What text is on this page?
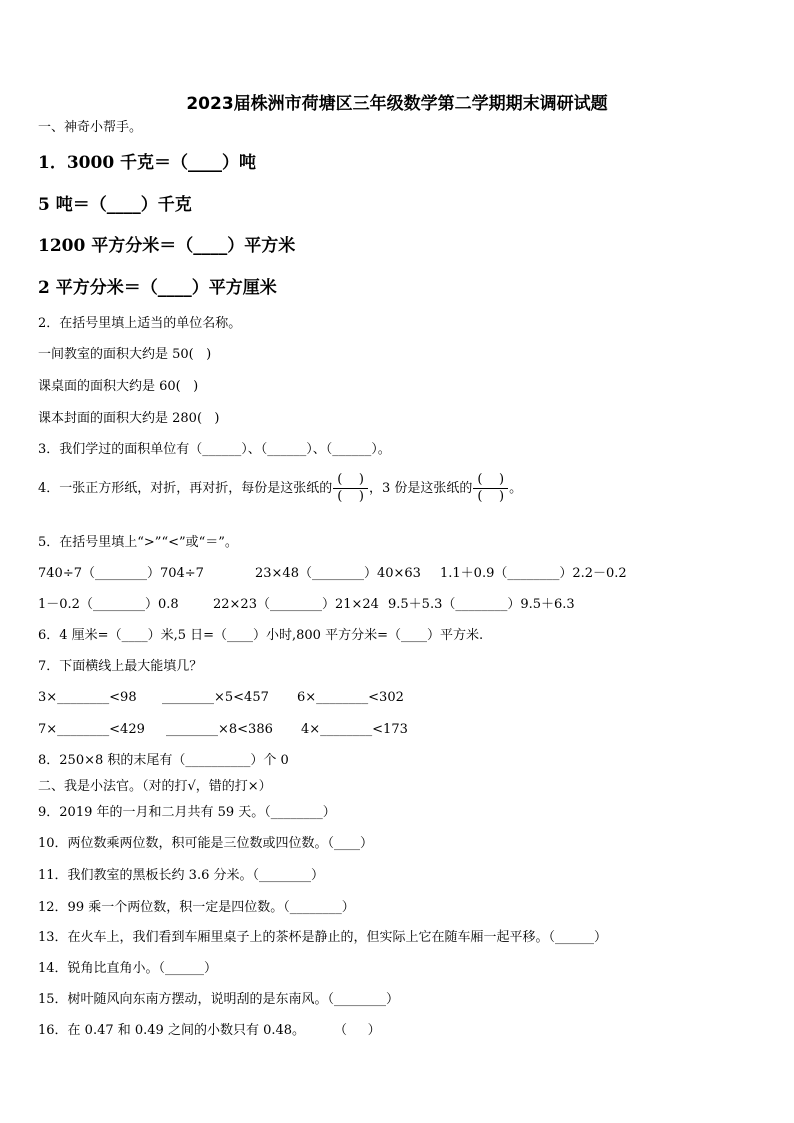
2023届株洲市荷塘区三年级数学第二学期期末调研试题
一、神奇小帮手。
1．3000 千克＝（____）吨
5 吨＝（____）千克
1200 平方分米＝（____）平方米
2 平方分米＝（____）平方厘米
2．在括号里填上适当的单位名称。
一间教室的面积大约是 50(   )
课桌面的面积大约是 60(   )
课本封面的面积大约是 280(   )
3．我们学过的面积单位有（______）、（______）、（______）。
4．一张正方形纸，对折，再对折，每份是这张纸的 $\frac{( )}{( )}$ ，3 份是这张纸的 $\frac{( )}{( )}$ 。
5．在括号里填上“>”“<”或“＝”。
740÷7（________）704÷7	23×48（________）40×63 1.1＋0.9（________）2.2－0.2
1－0.2（________）0.8	22×23（________）21×24 9.5＋5.3（________）9.5＋6.3
6．4 厘米=（____）米,5 日=（____）小时,800 平方分米=（____）平方米.
7．下面横线上最大能填几？
3×________<98 ________×5<457 6×________<302
7×________<429 ________×8<386 4×________<173
8．250×8 积的末尾有（__________）个 0
二、我是小法官。（对的打√，错的打×）
9．2019 年的一月和二月共有 59 天。（________）
10．两位数乘两位数，积可能是三位数或四位数。（____）
11．我们教室的黑板长约 3.6 分米。（________）
12．99 乘一个两位数，积一定是四位数。（________）
13．在火车上，我们看到车厢里桌子上的茶杯是静止的，但实际上它在随车厢一起平移。（______）
14．锐角比直角小。（______）
15．树叶随风向东南方摆动，说明刮的是东南风。（________）
16．在 0.47 和 0.49 之间的小数只有 0.48。       （     ）
